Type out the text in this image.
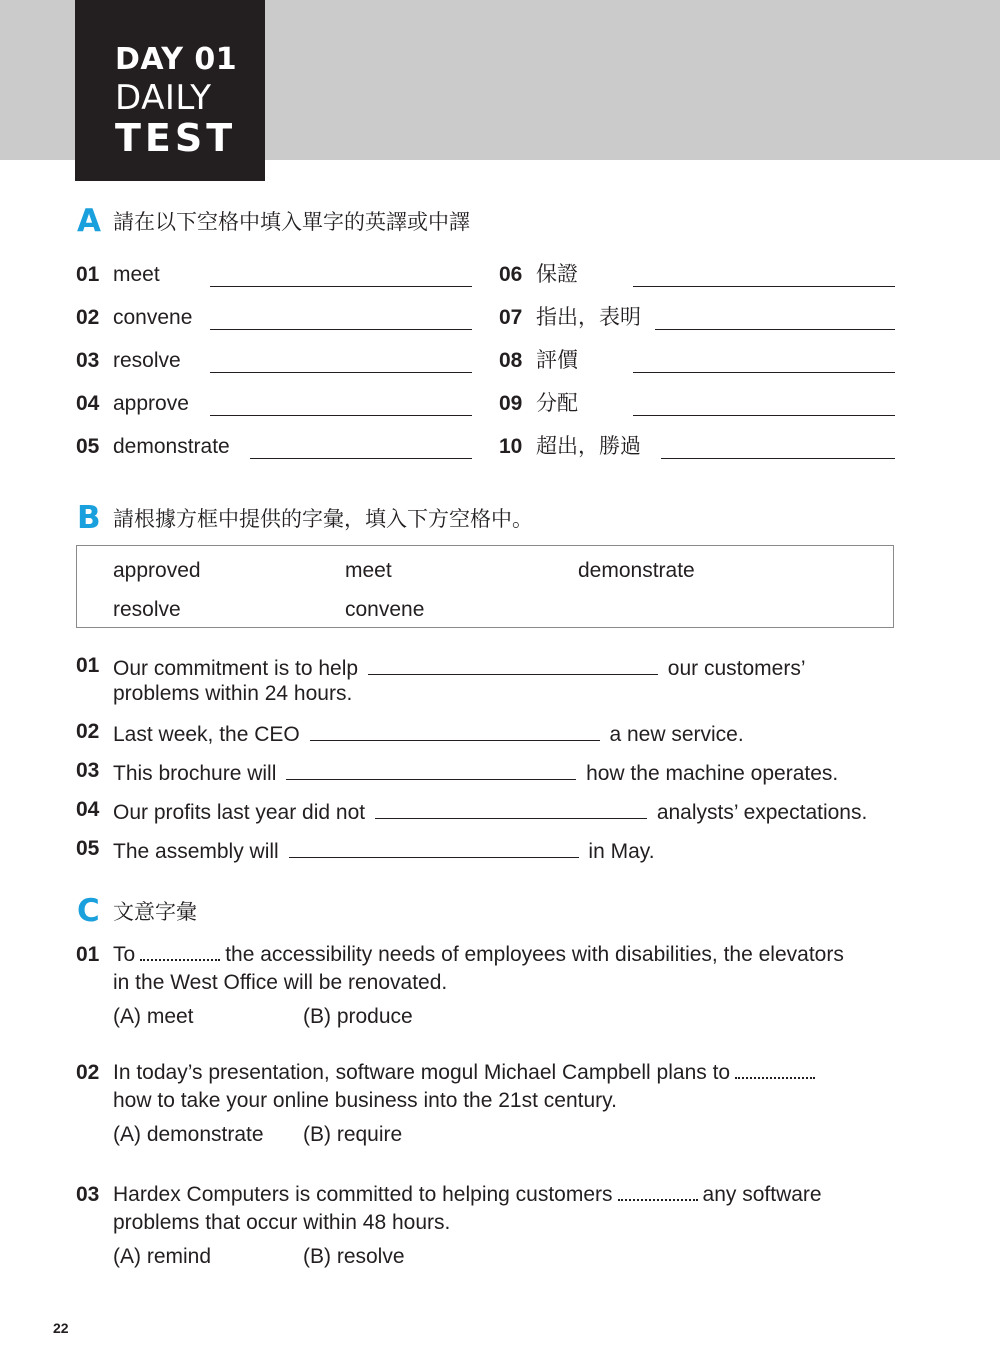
DAY 01
DAILY
TEST
A 請在以下空格中填入單字的英譯或中譯
01 meet
02 convene
03 resolve
04 approve
05 demonstrate
06 保證
07 指出，表明
08 評價
09 分配
10 超出，勝過
B 請根據方框中提供的字彙，填入下方空格中。
approved	meet	demonstrate
resolve	convene
01 Our commitment is to help	our customers’
problems within 24 hours.
02 Last week, the CEO	a new service.
03 This brochure will	how the machine operates.
04 Our profits last year did not	analysts’ expectations.
05 The assembly will	in May.
C 文意字彙
01 To	the accessibility needs of employees with disabilities, the elevators
in the West Office will be renovated.
(A) meet	(B) produce
02 In today’s presentation, software mogul Michael Campbell plans to
how to take your online business into the 21st century.
(A) demonstrate (B) require
03 Hardex Computers is committed to helping customers	any software
problems that occur within 48 hours.
(A) remind	(B) resolve
22
